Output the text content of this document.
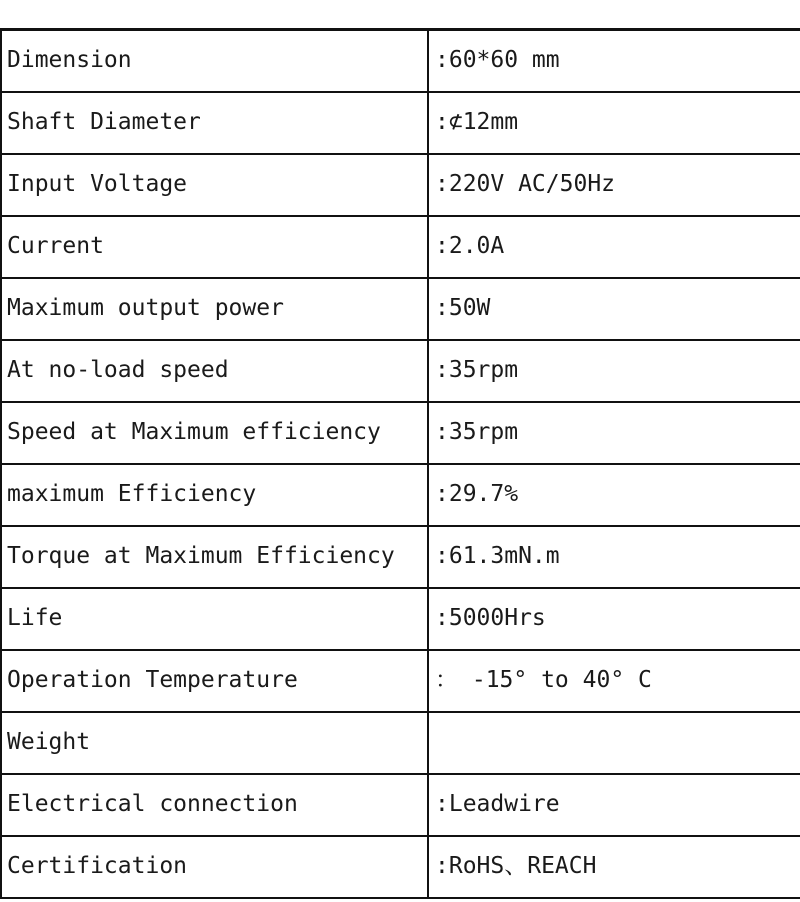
Dimension	:60*60 mm
Shaft Diameter	:⊄12mm
Input Voltage	:220V AC/50Hz
Current	:2.0A
Maximum output power	:50W
At no-load speed	:35rpm
Speed at Maximum efficiency	:35rpm
maximum Efficiency	:29.7%
Torque at Maximum Efficiency	:61.3mN.m
Life	:5000Hrs
Operation Temperature	： -15° to 40° C
Weight	
Electrical connection	:Leadwire
Certification	:RoHS、REACH
